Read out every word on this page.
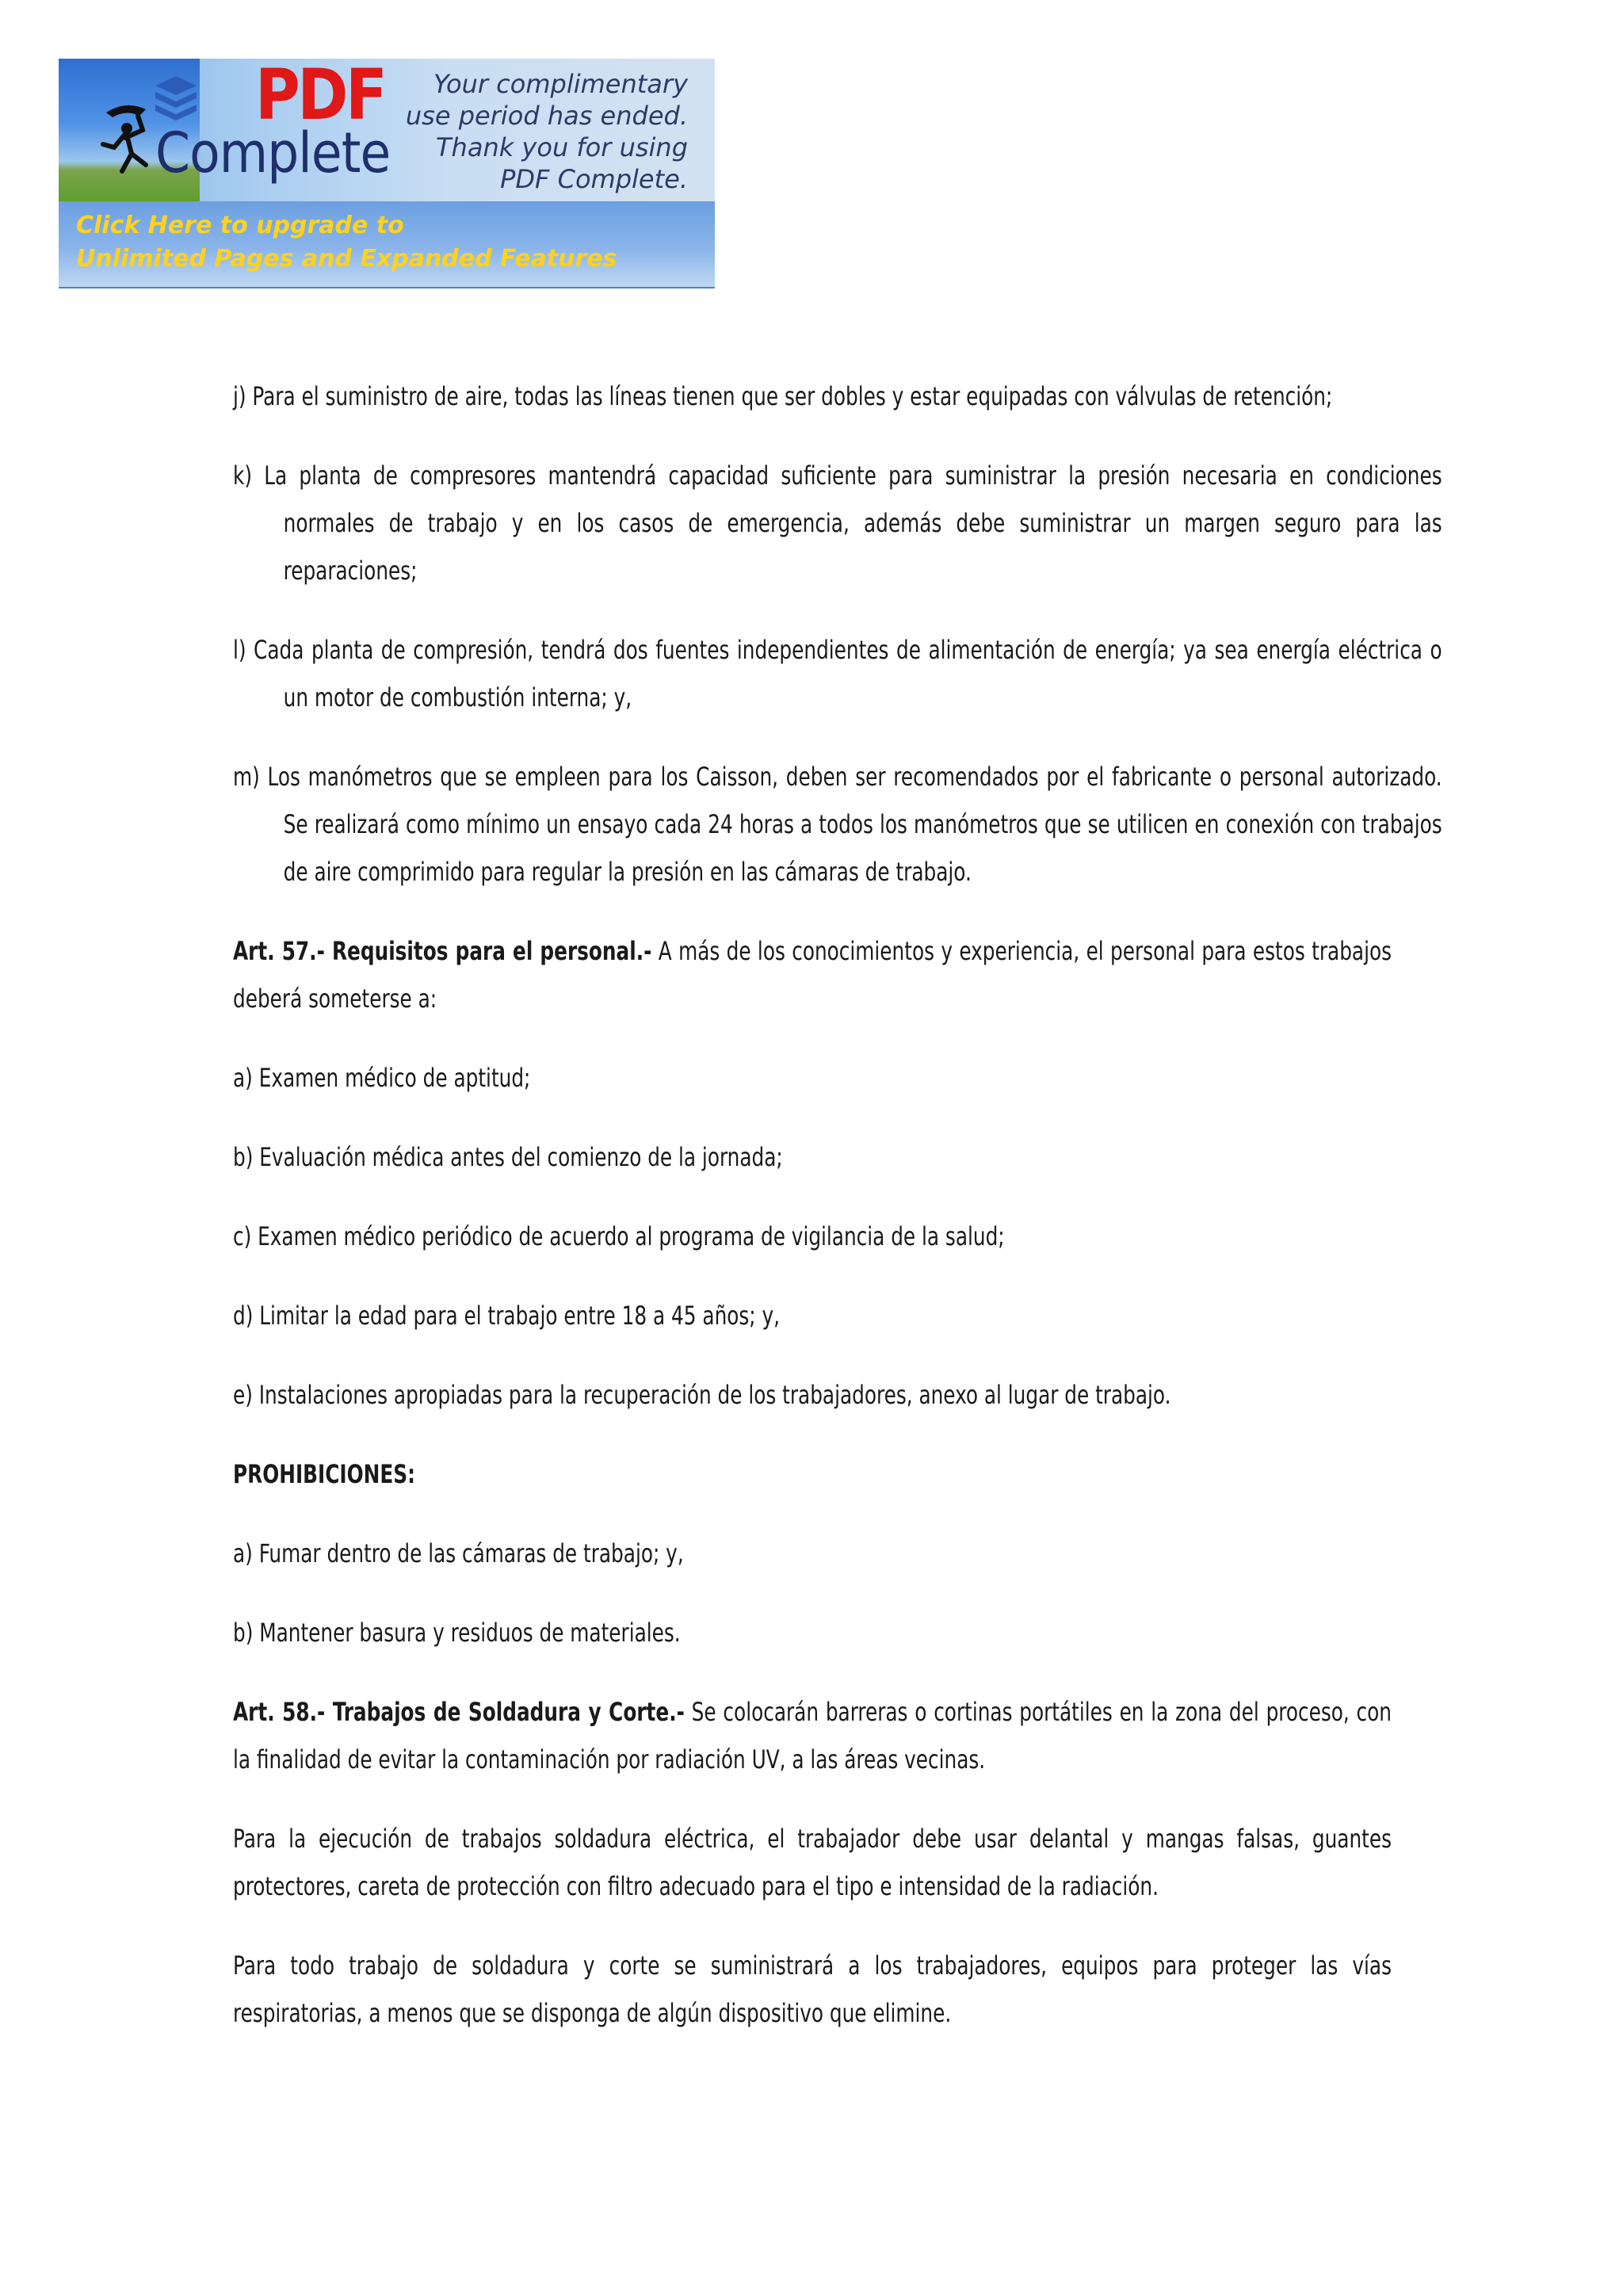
PDF
Complete
Your complimentary
use period has ended.
Thank you for using
PDF Complete.
Click Here to upgrade to
Unlimited Pages and Expanded Features

j) Para el suministro de aire, todas las líneas tienen que ser dobles y estar equipadas con válvulas de retención;

k) La planta de compresores mantendrá capacidad suficiente para suministrar la presión necesaria en condiciones normales de trabajo y en los casos de emergencia, además debe suministrar un margen seguro para las reparaciones;

l) Cada planta de compresión, tendrá dos fuentes independientes de alimentación de energía; ya sea energía eléctrica o un motor de combustión interna; y,

m) Los manómetros que se empleen para los Caisson, deben ser recomendados por el fabricante o personal autorizado. Se realizará como mínimo un ensayo cada 24 horas a todos los manómetros que se utilicen en conexión con trabajos de aire comprimido para regular la presión en las cámaras de trabajo.

Art. 57.- Requisitos para el personal.- A más de los conocimientos y experiencia, el personal para estos trabajos deberá someterse a:

a) Examen médico de aptitud;

b) Evaluación médica antes del comienzo de la jornada;

c) Examen médico periódico de acuerdo al programa de vigilancia de la salud;

d) Limitar la edad para el trabajo entre 18 a 45 años; y,

e) Instalaciones apropiadas para la recuperación de los trabajadores, anexo al lugar de trabajo.

PROHIBICIONES:

a) Fumar dentro de las cámaras de trabajo; y,

b) Mantener basura y residuos de materiales.

Art. 58.- Trabajos de Soldadura y Corte.- Se colocarán barreras o cortinas portátiles en la zona del proceso, con la finalidad de evitar la contaminación por radiación UV, a las áreas vecinas.

Para la ejecución de trabajos soldadura eléctrica, el trabajador debe usar delantal y mangas falsas, guantes protectores, careta de protección con filtro adecuado para el tipo e intensidad de la radiación.

Para todo trabajo de soldadura y corte se suministrará a los trabajadores, equipos para proteger las vías respiratorias, a menos que se disponga de algún dispositivo que elimine.
